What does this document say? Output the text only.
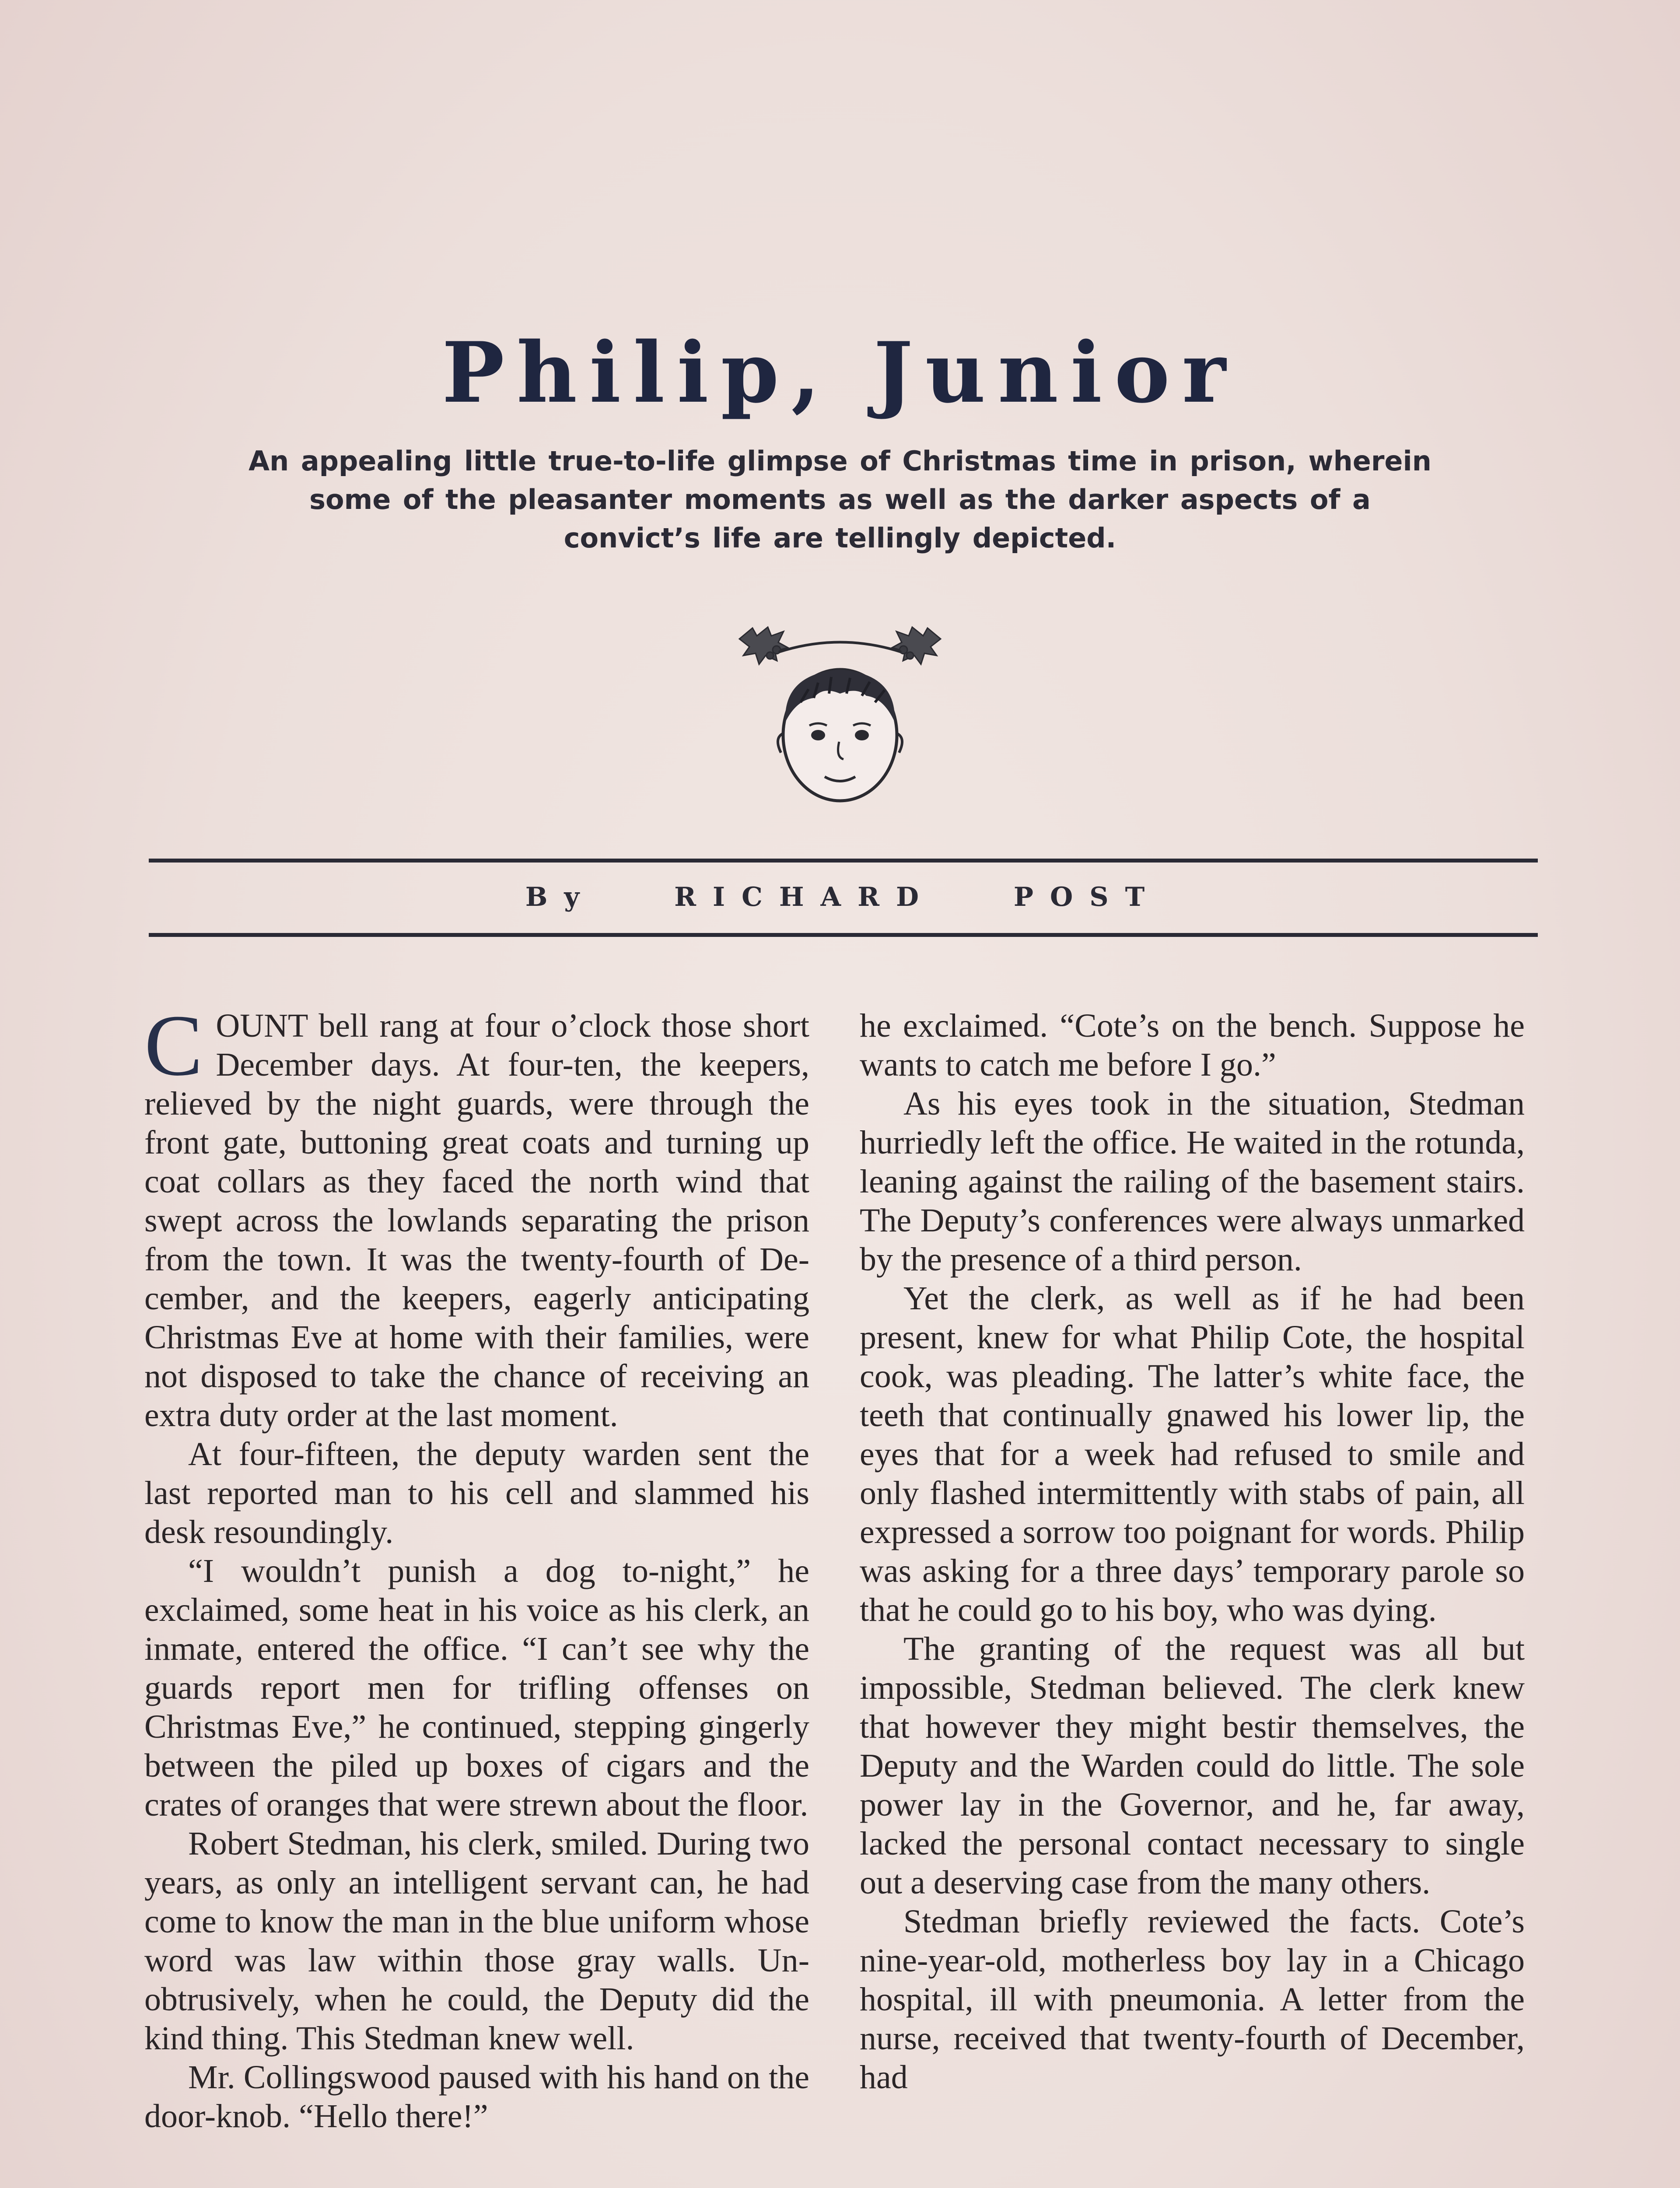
Philip, Junior
An appealing little true-to-life glimpse of Christmas time in prison, wherein some of the pleasanter moments as well as the darker aspects of a convict’s life are tellingly depicted.
By RICHARD POST

COUNT bell rang at four o’clock those short December days. At four-ten, the keepers, relieved by the night guards, were through the front gate, buttoning great coats and turning up coat collars as they faced the north wind that swept across the lowlands separating the prison from the town. It was the twenty-fourth of December, and the keepers, eagerly anticipating Christmas Eve at home with their families, were not disposed to take the chance of receiving an extra duty order at the last moment.

At four-fifteen, the deputy warden sent the last reported man to his cell and slammed his desk resoundingly.

“I wouldn’t punish a dog to-night,” he exclaimed, some heat in his voice as his clerk, an inmate, entered the office. “I can’t see why the guards report men for trifling offenses on Christmas Eve,” he continued, stepping gingerly between the piled up boxes of cigars and the crates of oranges that were strewn about the floor.

Robert Stedman, his clerk, smiled. During two years, as only an intelligent servant can, he had come to know the man in the blue uniform whose word was law within those gray walls. Unobtrusively, when he could, the Deputy did the kind thing. This Stedman knew well.

Mr. Collingswood paused with his hand on the door-knob. “Hello there!”

he exclaimed. “Cote’s on the bench. Suppose he wants to catch me before I go.”

As his eyes took in the situation, Stedman hurriedly left the office. He waited in the rotunda, leaning against the railing of the basement stairs. The Deputy’s conferences were always unmarked by the presence of a third person.

Yet the clerk, as well as if he had been present, knew for what Philip Cote, the hospital cook, was pleading. The latter’s white face, the teeth that continually gnawed his lower lip, the eyes that for a week had refused to smile and only flashed intermittently with stabs of pain, all expressed a sorrow too poignant for words. Philip was asking for a three days’ temporary parole so that he could go to his boy, who was dying.

The granting of the request was all but impossible, Stedman believed. The clerk knew that however they might bestir themselves, the Deputy and the Warden could do little. The sole power lay in the Governor, and he, far away, lacked the personal contact necessary to single out a deserving case from the many others.

Stedman briefly reviewed the facts. Cote’s nine-year-old, motherless boy lay in a Chicago hospital, ill with pneumonia. A letter from the nurse, received that twenty-fourth of December, had
